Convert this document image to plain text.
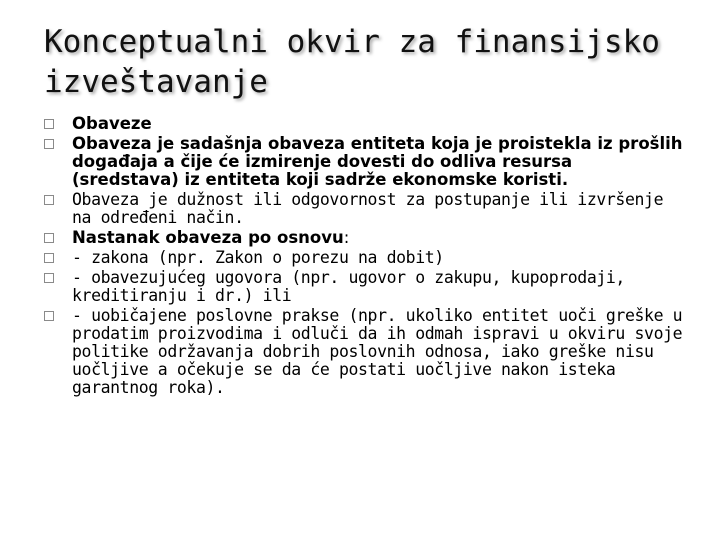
Konceptualni okvir za finansijsko
izveštavanje
Obaveze
Obaveza je sadašnja obaveza entiteta koja je proistekla iz prošlih događaja a čije će izmirenje dovesti do odliva resursa (sredstava) iz entiteta koji sadrže ekonomske koristi.
Obaveza je dužnost ili odgovornost za postupanje ili izvršenje na određeni način.
Nastanak obaveza po osnovu:
- zakona (npr. Zakon o porezu na dobit)
- obavezujućeg ugovora (npr. ugovor o zakupu, kupoprodaji, kreditiranju i dr.) ili
- uobičajene poslovne prakse (npr. ukoliko entitet uoči greške u prodatim proizvodima i odluči da ih odmah ispravi u okviru svoje politike održavanja dobrih poslovnih odnosa, iako greške nisu uočljive a očekuje se da će postati uočljive nakon isteka garantnog roka).
